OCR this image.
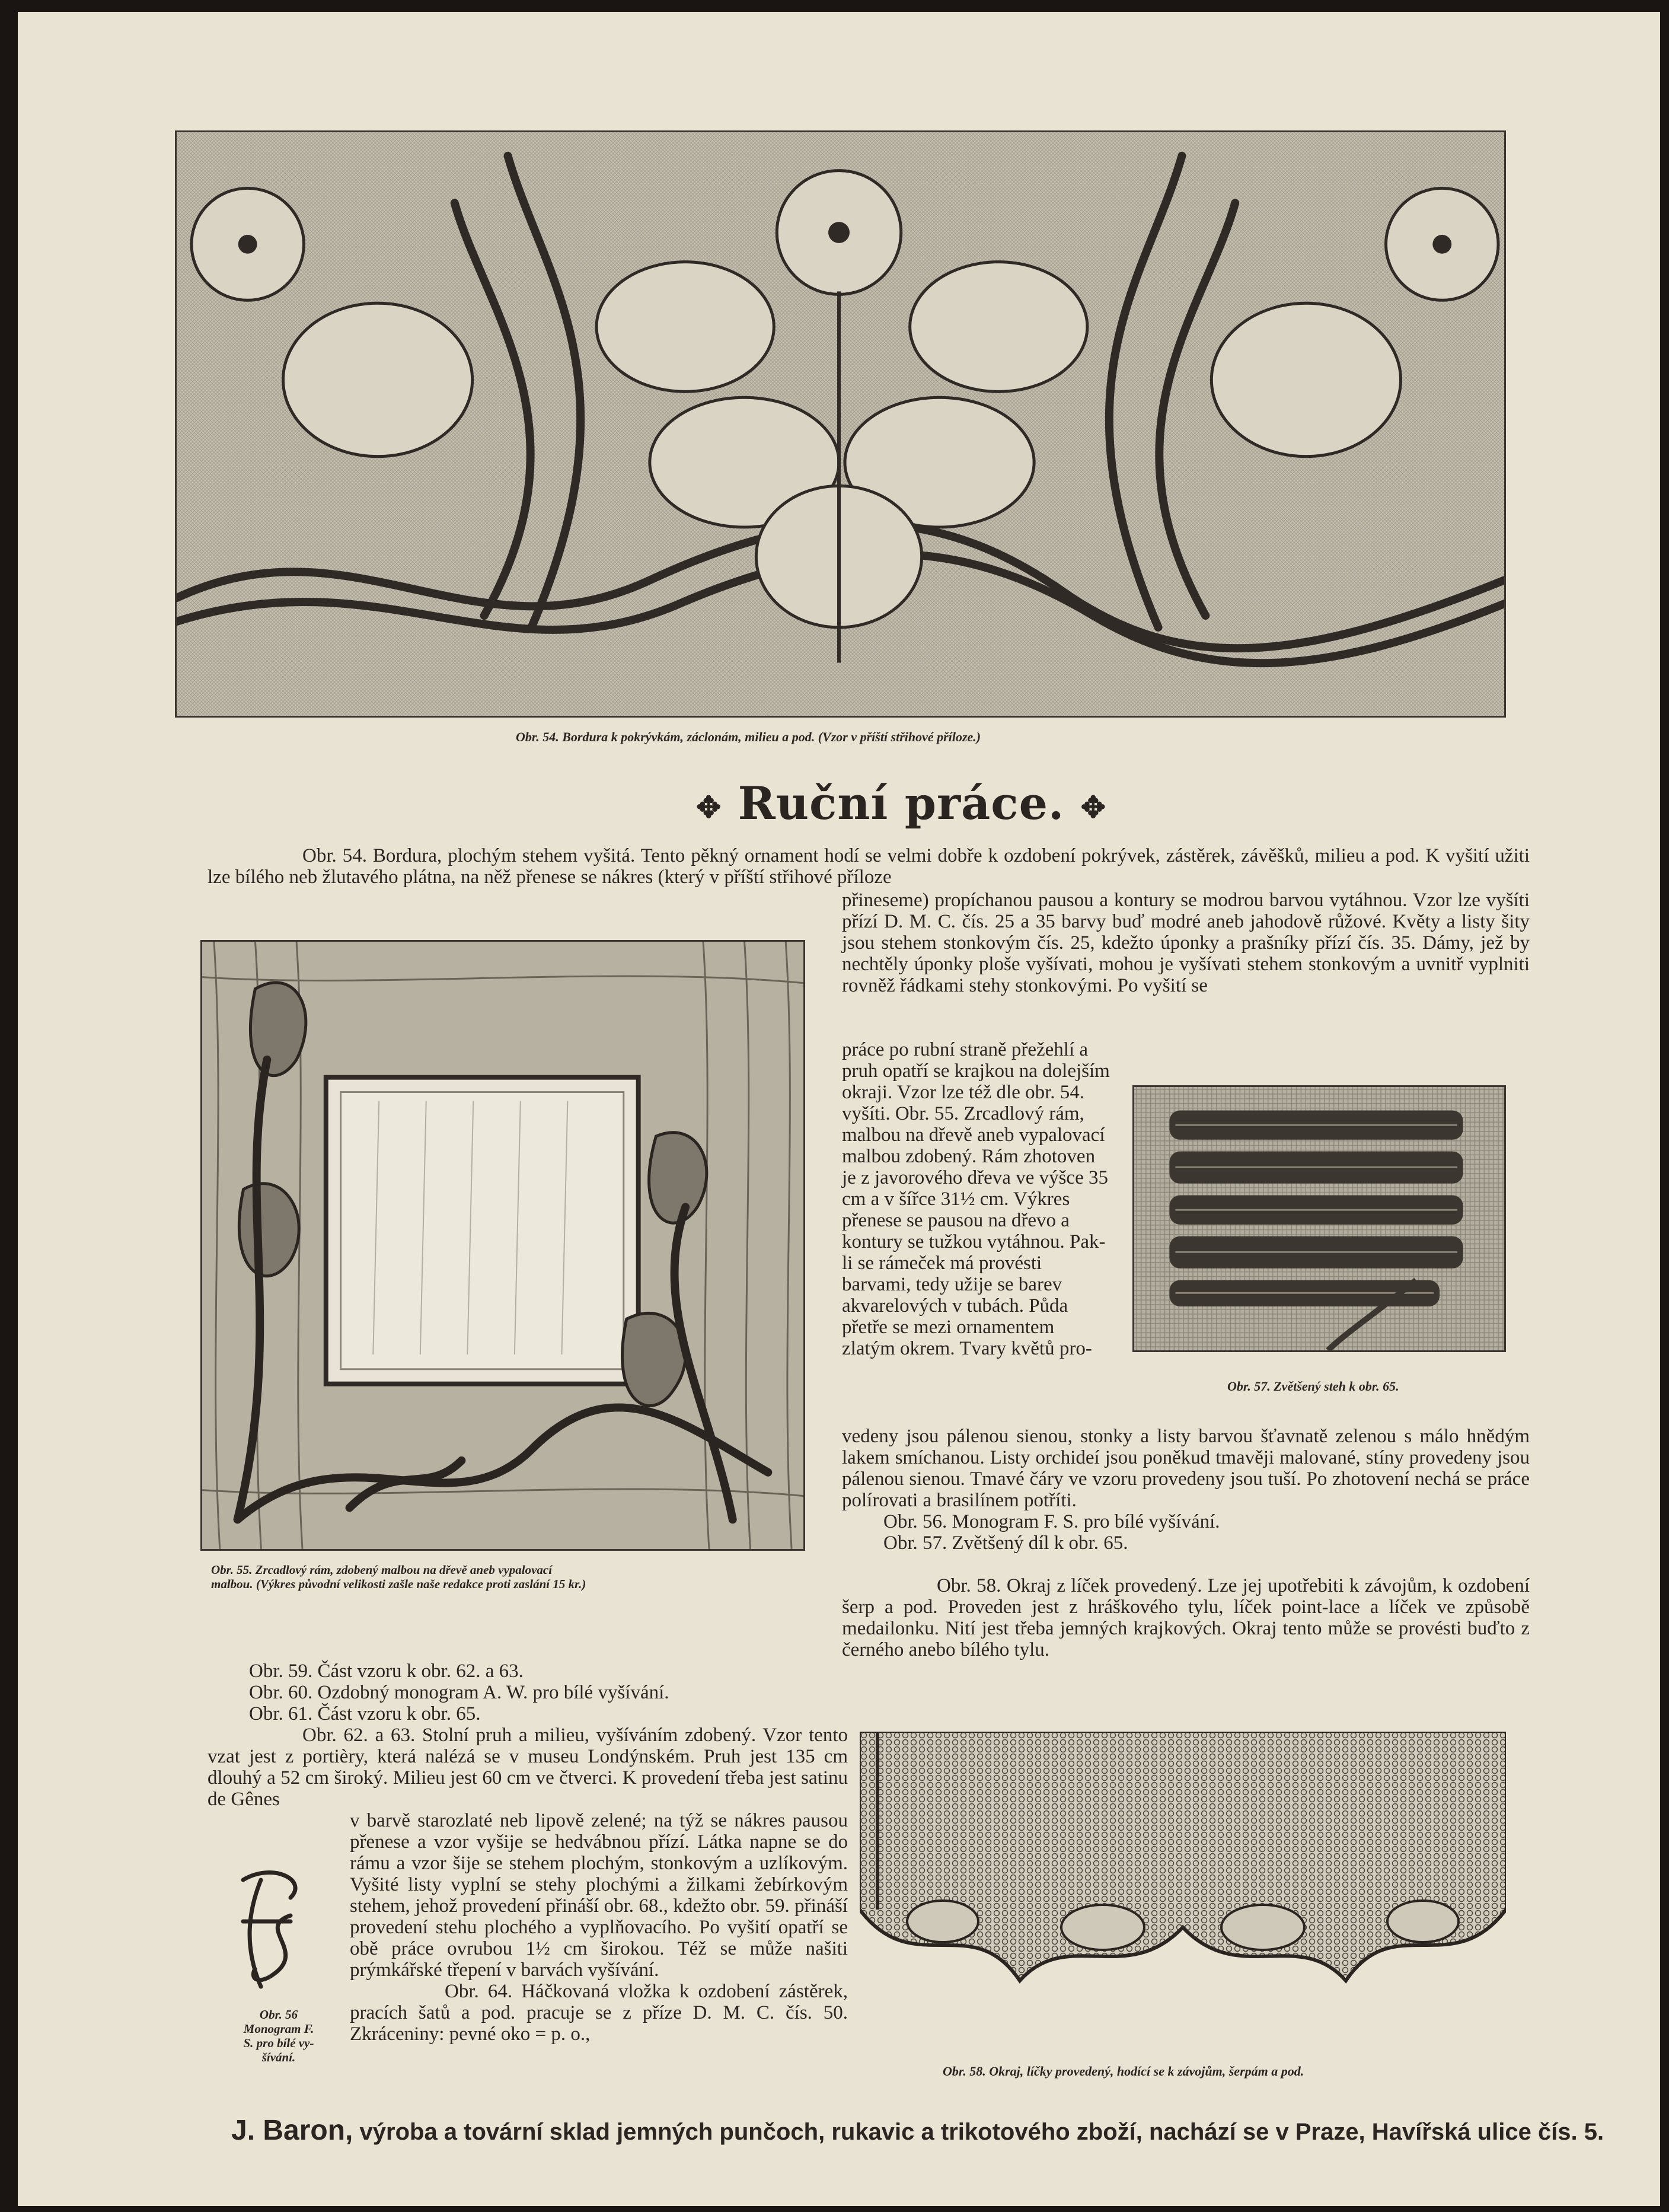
Obr. 54. Bordura k pokrývkám, záclonám, milieu a pod. (Vzor v příští střihové příloze.)
✥ Ruční práce. ✥

Obr. 54. Bordura, plochým stehem vyšitá. Tento pěkný ornament hodí se velmi dobře k ozdobení pokrývek, zástěrek, závěšků, milieu a pod. K vyšití užiti lze bílého neb žlutavého plátna, na něž přenese se nákres (který v příští střihové příloze

přineseme) propíchanou pausou a kontury se modrou barvou vytáhnou. Vzor lze vyšíti přízí D. M. C. čís. 25 a 35 barvy buď modré aneb jahodově růžové. Květy a listy šity jsou stehem stonkovým čís. 25, kdežto úponky a prašníky přízí čís. 35. Dámy, jež by nechtěly úponky ploše vyšívati, mohou je vyšívati stehem stonkovým a uvnitř vyplniti rovněž řádkami stehy stonkovými. Po vyšití se

Obr. 55. Zrcadlový rám, zdobený malbou na dřevě aneb vypalovací
malbou. (Výkres původní velikosti zašle naše redakce proti zaslání 15 kr.)

práce po rubní straně přežehlí a pruh opatří se krajkou na dolejším okraji. Vzor lze též dle obr. 54. vyšíti. Obr. 55. Zrcadlový rám, malbou na dřevě aneb vypalovací malbou zdobený. Rám zhotoven je z javorového dřeva ve výšce 35 cm a v šířce 31½ cm. Výkres přenese se pausou na dřevo a kontury se tužkou vytáhnou. Pak-li se rámeček má provésti barvami, tedy užije se barev akvarelových v tubách. Půda přetře se mezi ornamentem zlatým okrem. Tvary květů pro-

Obr. 57. Zvětšený steh k obr. 65.

vedeny jsou pálenou sienou, stonky a listy barvou šťavnatě zelenou s málo hnědým lakem smíchanou. Listy orchideí jsou poněkud tmavěji malované, stíny provedeny jsou pálenou sienou. Tmavé čáry ve vzoru provedeny jsou tuší. Po zhotovení nechá se práce polírovati a brasilínem potříti.

Obr. 56. Monogram F. S. pro bílé vyšívání.
Obr. 57. Zvětšený díl k obr. 65.

Obr. 58. Okraj z líček provedený. Lze jej upotřebiti k závojům, k ozdobení šerp a pod. Proveden jest z hráškového tylu, líček point-lace a líček ve způsobě medailonku. Nití jest třeba jemných krajkových. Okraj tento může se provésti buďto z černého anebo bílého tylu.

Obr. 59. Část vzoru k obr. 62. a 63.
Obr. 60. Ozdobný monogram A. W. pro bílé vyšívání.
Obr. 61. Část vzoru k obr. 65.

Obr. 62. a 63. Stolní pruh a milieu, vyšíváním zdobený. Vzor tento vzat jest z portièry, která nalézá se v museu Londýnském. Pruh jest 135 cm dlouhý a 52 cm široký. Milieu jest 60 cm ve čtverci. K provedení třeba jest satinu de Gênes

v barvě starozlaté neb lipově zelené; na týž se nákres pausou přenese a vzor vyšije se hedvábnou přízí. Látka napne se do rámu a vzor šije se stehem plochým, stonkovým a uzlíkovým. Vyšité listy vyplní se stehy plochými a žilkami žebírkovým stehem, jehož provedení přináší obr. 68., kdežto obr. 59. přináší provedení stehu plochého a vyplňovacího. Po vyšití opatří se obě práce ovrubou 1½ cm širokou. Též se může našiti prýmkářské třepení v barvách vyšívání.

Obr. 64. Háčkovaná vložka k ozdobení zástěrek, pracích šatů a pod. pracuje se z příze D. M. C. čís. 50. Zkráceniny: pevné oko = p. o.,

Obr. 56
Monogram F.
S. pro bílé vy-
šívání.
Obr. 58. Okraj, líčky provedený, hodící se k závojům, šerpám a pod.
J. Baron, výroba a tovární sklad jemných punčoch, rukavic a trikotového zboží, nachází se v Praze, Havířská ulice čís. 5.
